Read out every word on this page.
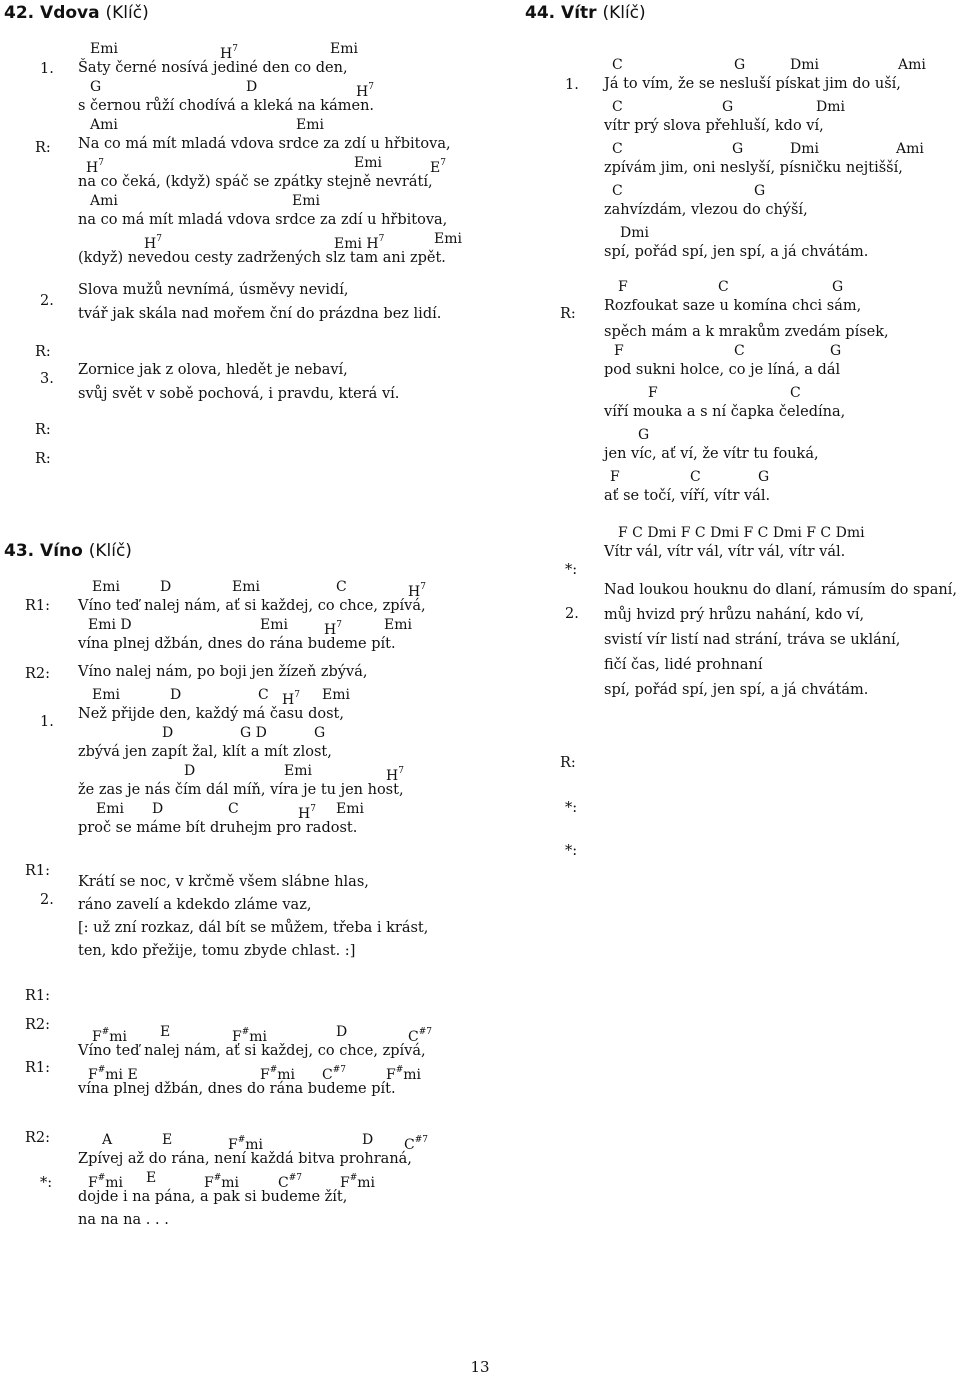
42. Vdova (Klíč)

Emi

	$H^7$

	Emi

Šaty černé nosívá jediné den co den,

G

	D

	$H^7$

s černou růží chodívá a kleká na kámen.

Ami

	Emi

Na co má mít mladá vdova srdce za zdí u hřbitova,

$H^7$

	Emi

	$E^7$

na co čeká, (když) spáč se zpátky stejně nevrátí,

Ami

	Emi

na co má mít mladá vdova srdce za zdí u hřbitova,

$H^7$

	Emi $H^7$

	Emi

(když) nevedou cesty zadržených slz tam ani zpět.
Slova mužů nevnímá, úsměvy nevidí,
tvář jak skála nad mořem ční do prázdna bez lidí.
Zornice jak z olova, hledět je nebaví,
svůj svět v sobě pochová, i pravdu, která ví.
1.
R:
2.
R:
3.
R:
R:
43. Víno (Klíč)

Emi

	D

	Emi

	C

	$H^7$

Víno teď nalej nám, ať si každej, co chce, zpívá,

Emi D

	Emi

	$H^7$

	Emi

vína plnej džbán, dnes do rána budeme pít.
Víno nalej nám, po boji jen žízeň zbývá,

Emi

	D

	C

$H^7$

Emi

Než přijde den, každý má času dost,

D

	G D

	G

zbývá jen zapít žal, klít a mít zlost,

D

	Emi

	$H^7$

že zas je nás čím dál míň, víra je tu jen host,

Emi

D

	C

	$H^7$

Emi

proč se máme bít druhejm pro radost.
Krátí se noc, v krčmě všem slábne hlas,
ráno zavelí a kdekdo zláme vaz,
[: už zní rozkaz, dál bít se můžem, třeba i krást,
ten, kdo přežije, tomu zbyde chlast. :]

F#mi

E

	F#mi

	D

	$C^{\#7}$

Víno teď nalej nám, ať si každej, co chce, zpívá,

F#mi E

	F#mi

$C^{\#7}$

	F#mi

vína plnej džbán, dnes do rána budeme pít.

A

	E

	F#mi

	D

$C^{\#7}$

Zpívej až do rána, není každá bitva prohraná,

F#mi

E

	F#mi

	$C^{\#7}$

	F#mi

dojde i na pána, a pak si budeme žít,
na na na . . .
R1:
R2:
1.
R1:
2.
R1:
R2:
R1:
R2:
*:
44. Vítr (Klíč)

C

	G

	Dmi

	Ami

Já to vím, že se nesluší pískat jim do uší,

C

	G

	Dmi

vítr prý slova přehluší, kdo ví,

C

	G

	Dmi

	Ami

zpívám jim, oni neslyší, písničku nejtišší,

C

	G

zahvízdám, vlezou do chýší,

Dmi

spí, pořád spí, jen spí, a já chvátám.

F

	C

	G

Rozfoukat saze u komína chci sám,
spěch mám a k mrakům zvedám písek,

F

	C

	G

pod sukni holce, co je líná, a dál

F

	C

víří mouka a s ní čapka čeledína,

G

jen víc, ať ví, že vítr tu fouká,

F

	C

	G

ať se točí, víří, vítr vál.

F C Dmi F C Dmi F C Dmi F C Dmi

Vítr vál, vítr vál, vítr vál, vítr vál.
Nad loukou houknu do dlaní, rámusím do spaní,
můj hvizd prý hrůzu nahání, kdo ví,
svistí vír listí nad strání, tráva se uklání,
fičí čas, lidé prohnaní
spí, pořád spí, jen spí, a já chvátám.
1.
R:
*:
2.
R:
*:
*:
13
